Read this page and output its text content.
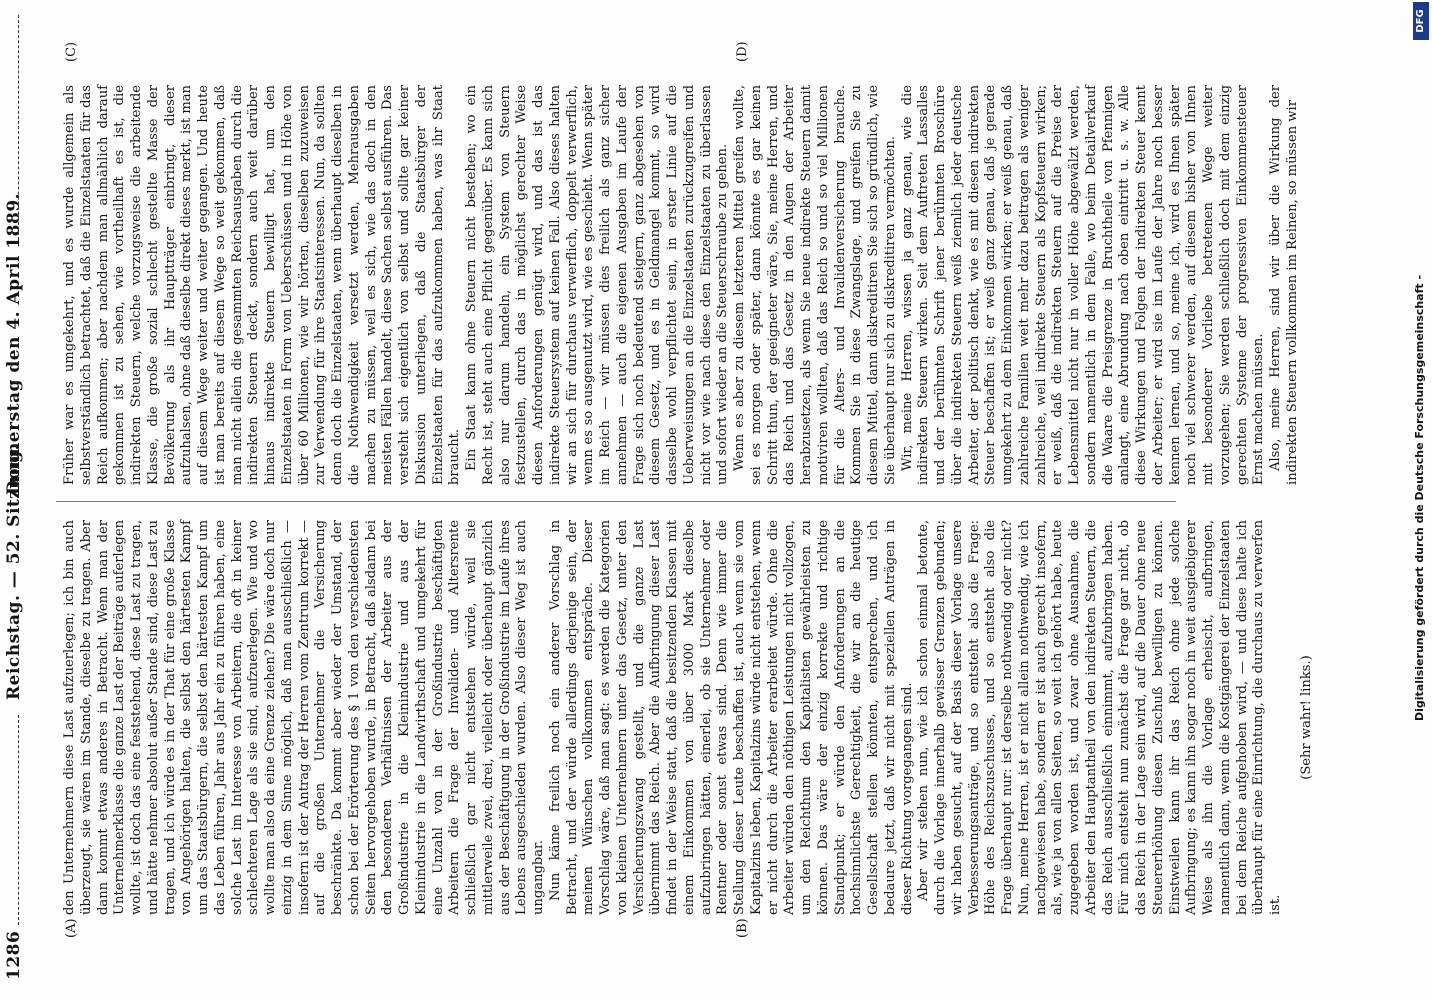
1286
Reichstag. — 52. Sitzung.
Donnerstag den 4. April 1889.
(A)	(B)
(C)	(D)

den Unternehmern diese Last aufzuerlegen; ich bin auch überzeugt, sie wären im Stande, dieselbe zu tragen. Aber dann kommt etwas anderes in Betracht. Wenn man der Unternehmerklasse die ganze Last der Beiträge auferlegen wollte, ist doch das eine feststehend, diese Last zu tragen, und hätte nehmer absolut außer Stande sind, diese Last zu tragen, und ich würde es in der That für eine große Klasse von Angehörigen halten, die selbst den härtesten Kampf um das Staatsbürgern, die selbst den härtesten Kampf um das Leben führen, Jahr aus Jahr ein zu führen haben, eine solche Last im Interesse von Arbeitern, die oft in keiner schlechteren Lage als sie sind, aufzuerlegen. Wie und wo wollte man also da eine Grenze ziehen? Die wäre doch nur einzig in dem Sinne möglich, daß man ausschließlich — insofern ist der Antrag der Herren vom Zentrum korrekt — auf die großen Unternehmer die Versicherung beschränkte. Da kommt aber wieder der Umstand, der schon bei der Erörterung des § 1 von den verschiedensten Seiten hervorgehoben wurde, in Betracht, daß alsdann bei den besonderen Verhältnissen der Arbeiter aus der Großindustrie in die Kleinindustrie und aus der Kleinindustrie in die Landwirthschaft und umgekehrt für eine Unzahl von in der Großindustrie beschäftigten Arbeitern die Frage der Invaliden- und Altersrente schließlich gar nicht entstehen würde, weil sie mittlerweile zwei, drei, vielleicht oder überhaupt gänzlich aus der Beschäftigung in der Großindustrie im Laufe ihres Lebens ausgeschieden wurden. Also dieser Weg ist auch ungangbar. Nun käme freilich noch ein anderer Vorschlag in Betracht, und der würde allerdings derjenige sein, der meinen Wünschen vollkommen entspräche. Dieser Vorschlag wäre, daß man sagt: es werden die Kategorien von kleinen Unternehmern unter das Gesetz, unter den Versicherungszwang gestellt, und die ganze Last übernimmt das Reich. Aber die Aufbringung dieser Last findet in der Weise statt, daß die besitzenden Klassen mit einem Einkommen von über 3000 Mark dieselbe aufzubringen hätten, einerlei, ob sie Unternehmer oder Rentner oder sonst etwas sind. Denn wie immer die Stellung dieser Leute beschaffen ist, auch wenn sie vom Kapitalzins leben, Kapitalzins würde nicht entstehen, wenn er nicht durch die Arbeiter erarbeitet würde. Ohne die Arbeiter würden den nöthigen Leistungen nicht vollzogen, um den Reichthum den Kapitalisten gewährleisten zu können. Das wäre der einzig korrekte und richtige Standpunkt; er würde den Anforderungen an die hochsinnlichste Gerechtigkeit, die wir an die heutige Gesellschaft stellen könnten, entsprechen, und ich bedaure jetzt, daß wir nicht mit speziellen Anträgen in dieser Richtung vorgegangen sind. Aber wir stehen nun, wie ich schon einmal betonte, durch die Vorlage innerhalb gewisser Grenzen gebunden; wir haben gesucht, auf der Basis dieser Vorlage unsere Verbesserungsanträge, und so entsteht also die Frage: Höhe des Reichszuschusses, und so entsteht also die Frage überhaupt nur: ist derselbe nothwendig oder nicht? Nun, meine Herren, ist er nicht allein nothwendig, wie ich nachgewiesen habe, sondern er ist auch gerecht insofern, als, wie ja von allen Seiten, so weit ich gehört habe, heute zugegeben worden ist, und zwar ohne Ausnahme, die Arbeiter den Hauptantheil von den indirekten Steuern, die das Reich ausschließlich einnimmt, aufzubringen haben. Für mich entsteht nun zunächst die Frage gar nicht, ob das Reich in der Lage sein wird, auf die Dauer ohne neue Steuererhöhung diesen Zuschuß bewilligen zu können. Einstweilen kann ihr das Reich ohne jede solche Aufbringung; es kann ihn sogar noch in weit ausgiebigerer Weise als ihn die Vorlage erheischt, aufbringen, namentlich dann, wenn die Kostgängerei der Einzelstaaten bei dem Reiche aufgehoben wird, — und diese halte ich überhaupt für eine Einrichtung, die durchaus zu verwerfen ist.

(Sehr wahr! links.)

Früher war es umgekehrt, und es wurde allgemein als selbstverständlich betrachtet, daß die Einzelstaaten für das Reich aufkommen; aber nachdem man allmählich darauf gekommen ist zu sehen, wie vortheilhaft es ist, die indirekten Steuern, welche vorzugsweise die arbeitende Klasse, die große sozial schlecht gestellte Masse der Bevölkerung als ihr Hauptträger einbringt, dieser aufzuhalsen, ohne daß dieselbe direkt dieses merkt, ist man auf diesem Wege weiter und weiter gegangen. Und heute ist man bereits auf diesem Wege so weit gekommen, daß man nicht allein die gesammten Reichsausgaben durch die indirekten Steuern deckt, sondern auch weit darüber hinaus indirekte Steuern bewilligt hat, um den Einzelstaaten in Form von Ueberschüssen und in Höhe von über 60 Millionen, wie wir hörten, dieselben zuzuweisen zur Verwendung für ihre Staatsinteressen. Nun, da sollten denn doch die Einzelstaaten, wenn überhaupt dieselben in die Nothwendigkeit versetzt werden, Mehrausgaben machen zu müssen, weil es sich, wie das doch in den meisten Fällen handelt, diese Sachen selbst ausführen. Das versteht sich eigentlich von selbst und sollte gar keiner Diskussion unterliegen, daß die Staatsbürger der Einzelstaaten für das aufzukommen haben, was ihr Staat braucht. Ein Staat kann ohne Steuern nicht bestehen; wo ein Recht ist, steht auch eine Pflicht gegenüber. Es kann sich also nur darum handeln, ein System von Steuern festzustellen, durch das in möglichst gerechter Weise diesen Anforderungen genügt wird, und das ist das indirekte Steuersystem auf keinen Fall. Also dieses halten wir an sich für durchaus verwerflich, doppelt verwerflich, wenn es so ausgenutzt wird, wie es geschieht. Wenn später im Reich — wir müssen dies freilich als ganz sicher annehmen — auch die eigenen Ausgaben im Laufe der Frage sich noch bedeutend steigern, ganz abgesehen von diesem Gesetz, und es in Geldmangel kommt, so wird dasselbe wohl verpflichtet sein, in erster Linie auf die Ueberweisungen an die Einzelstaaten zurückzugreifen und nicht vor wie nach diese den Einzelstaaten zu überlassen und sofort wieder an die Steuerschraube zu gehen. Wenn es aber zu diesem letzteren Mittel greifen wollte, sei es morgen oder später, dann könnte es gar keinen Schritt thun, der geeigneter wäre, Sie, meine Herren, und das Reich und das Gesetz in den Augen der Arbeiter herabzusetzen, als wenn Sie neue indirekte Steuern damit motiviren wollten, daß das Reich so und so viel Millionen für die Alters- und Invalidenversicherung brauche. Kommen Sie in diese Zwangslage, und greifen Sie zu diesem Mittel, dann diskreditiren Sie sich so gründlich, wie Sie überhaupt nur sich zu diskreditiren vermöchten. Wir, meine Herren, wissen ja ganz genau, wie die indirekten Steuern wirken. Seit dem Auftreten Lassalles und der berühmten Schrift jener berühmten Broschüre über die indirekten Steuern weiß ziemlich jeder deutsche Arbeiter, der politisch denkt, wie es mit diesen indirekten Steuer beschaffen ist; er weiß ganz genau, daß je gerade umgekehrt zu dem Einkommen wirken; er weiß genau, daß zahlreiche Familien weit mehr dazu beitragen als weniger zahlreiche, weil indirekte Steuern als Kopfsteuern wirken; er weiß, daß die indirekten Steuern auf die Preise der Lebensmittel nicht nur in voller Höhe abgewälzt werden, sondern namentlich in dem Falle, wo beim Detailverkauf die Waare die Preisgrenze in Bruchtheile von Pfennigen anlangt, eine Abrundung nach oben eintritt u. s. w. Alle diese Wirkungen und Folgen der indirekten Steuer kennt der Arbeiter; er wird sie im Laufe der Jahre noch besser kennen lernen, und so, meine ich, wird es Ihnen später noch viel schwerer werden, auf diesem bisher von Ihnen mit besonderer Vorliebe betretenen Wege weiter vorzugehen; Sie werden schließlich doch mit dem einzig gerechten Systeme der progressiven Einkommensteuer Ernst machen müssen. Also, meine Herren, sind wir über die Wirkung der indirekten Steuern vollkommen im Reinen, so müssen wir	Digitalisierung gefördert durch die Deutsche Forschungsgemeinschaft -
DFG
